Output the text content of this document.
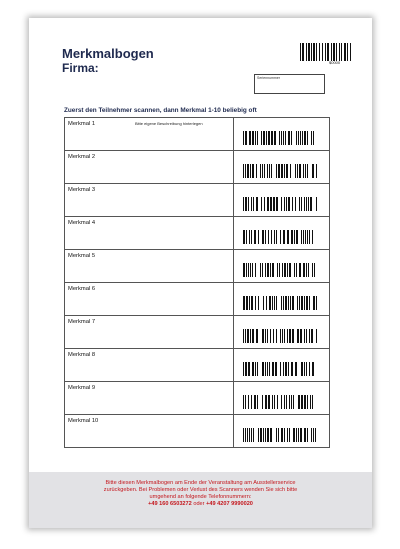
Merkmalbogen
Firma:	$0000
Seriennummer
Zuerst den Teilnehmer scannen, dann Merkmal 1-10 beliebig oft
Merkmal 1	Bitte eigene Beschreibung hinterlegen
Merkmal 2
Merkmal 3
Merkmal 4
Merkmal 5
Merkmal 6
Merkmal 7
Merkmal 8
Merkmal 9
Merkmal 10
Bitte diesen Merkmalbogen am Ende der Veranstaltung am Ausstellerservice
zurückgeben. Bei Problemen oder Verlust des Scanners wenden Sie sich bitte
umgehend an folgende Telefonnummern:
+49 160 6503272 oder +49 4207 9990020
